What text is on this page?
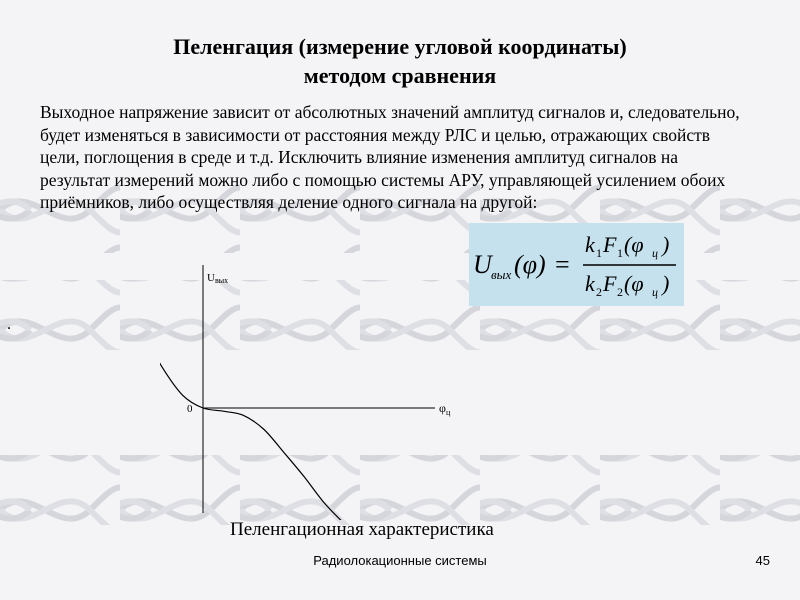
Пеленгация (измерение угловой координаты)
методом сравнения
Выходное напряжение зависит от абсолютных значений амплитуд сигналов и, следовательно, будет изменяться в зависимости от расстояния между РЛС и целью, отражающих свойств цели, поглощения в среде и т.д. Исключить влияние изменения амплитуд сигналов на результат измерений можно либо с помощью системы АРУ, управляющей усилением обоих приёмников, либо осуществляя деление одного сигнала на другой:
U вых (φ) =
k 1 F 1 (φ ц )
k 2 F 2 (φ ц )
.
U вых
φ ц
0
Пеленгационная характеристика
Радиолокационные системы	45
